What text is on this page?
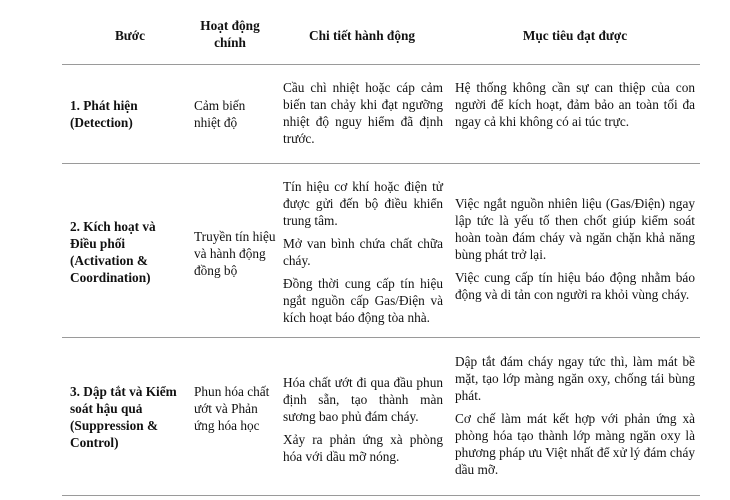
Bước
Hoạt động chính	Chi tiết hành động	Mục tiêu đạt được
1. Phát hiện (Detection)
Cảm biến nhiệt độ

Cầu chì nhiệt hoặc cáp cảm biến tan chảy khi đạt ngưỡng nhiệt độ nguy hiểm đã định trước.

Hệ thống không cần sự can thiệp của con người để kích hoạt, đảm bảo an toàn tối đa ngay cả khi không có ai túc trực.

2. Kích hoạt và Điều phối (Activation & Coordination)
Truyền tín hiệu và hành động đồng bộ

Tín hiệu cơ khí hoặc điện tử được gửi đến bộ điều khiển trung tâm.

Mở van bình chứa chất chữa cháy.

Đồng thời cung cấp tín hiệu ngắt nguồn cấp Gas/Điện và kích hoạt báo động tòa nhà.

Việc ngắt nguồn nhiên liệu (Gas/Điện) ngay lập tức là yếu tố then chốt giúp kiểm soát hoàn toàn đám cháy và ngăn chặn khả năng bùng phát trở lại.

Việc cung cấp tín hiệu báo động nhằm báo động và di tản con người ra khỏi vùng cháy.

3. Dập tắt và Kiểm soát hậu quả (Suppression & Control)
Phun hóa chất ướt và Phản ứng hóa học

Hóa chất ướt đi qua đầu phun định sẵn, tạo thành màn sương bao phủ đám cháy.

Xảy ra phản ứng xà phòng hóa với dầu mỡ nóng.

Dập tắt đám cháy ngay tức thì, làm mát bề mặt, tạo lớp màng ngăn oxy, chống tái bùng phát.

Cơ chế làm mát kết hợp với phản ứng xà phòng hóa tạo thành lớp màng ngăn oxy là phương pháp ưu Việt nhất để xử lý đám cháy dầu mỡ.
